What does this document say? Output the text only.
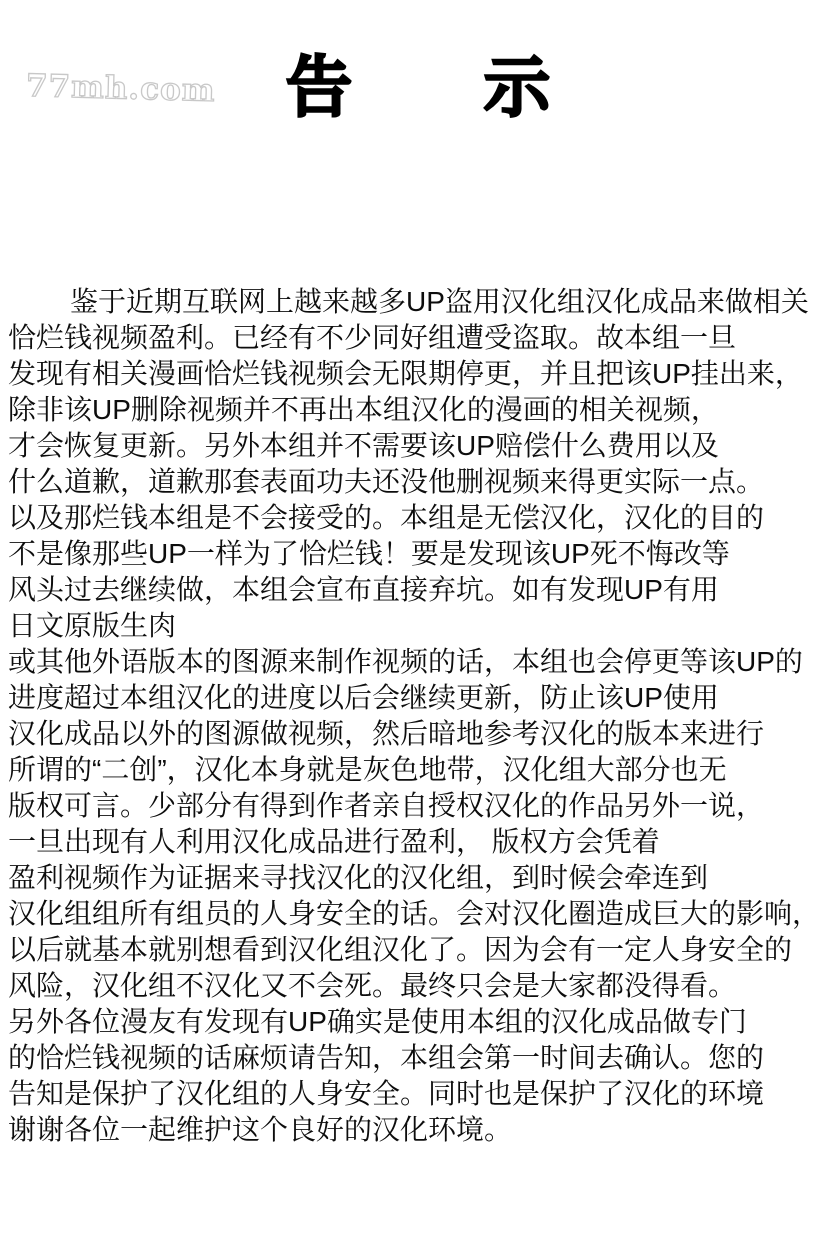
77mh.com	告　　示
鉴于近期互联网上越来越多UP盗用汉化组汉化成品来做相关
恰烂钱视频盈利。已经有不少同好组遭受盗取。故本组一旦
发现有相关漫画恰烂钱视频会无限期停更，并且把该UP挂出来，
除非该UP删除视频并不再出本组汉化的漫画的相关视频，
才会恢复更新。另外本组并不需要该UP赔偿什么费用以及
什么道歉，道歉那套表面功夫还没他删视频来得更实际一点。
以及那烂钱本组是不会接受的。本组是无偿汉化，汉化的目的
不是像那些UP一样为了恰烂钱！要是发现该UP死不悔改等
风头过去继续做，本组会宣布直接弃坑。如有发现UP有用
日文原版生肉
或其他外语版本的图源来制作视频的话，本组也会停更等该UP的
进度超过本组汉化的进度以后会继续更新，防止该UP使用
汉化成品以外的图源做视频，然后暗地参考汉化的版本来进行
所谓的“二创”，汉化本身就是灰色地带，汉化组大部分也无
版权可言。少部分有得到作者亲自授权汉化的作品另外一说，
一旦出现有人利用汉化成品进行盈利， 版权方会凭着
盈利视频作为证据来寻找汉化的汉化组，到时候会牵连到
汉化组组所有组员的人身安全的话。会对汉化圈造成巨大的影响，
以后就基本就别想看到汉化组汉化了。因为会有一定人身安全的
风险，汉化组不汉化又不会死。最终只会是大家都没得看。
另外各位漫友有发现有UP确实是使用本组的汉化成品做专门
的恰烂钱视频的话麻烦请告知，本组会第一时间去确认。您的
告知是保护了汉化组的人身安全。同时也是保护了汉化的环境
谢谢各位一起维护这个良好的汉化环境。
